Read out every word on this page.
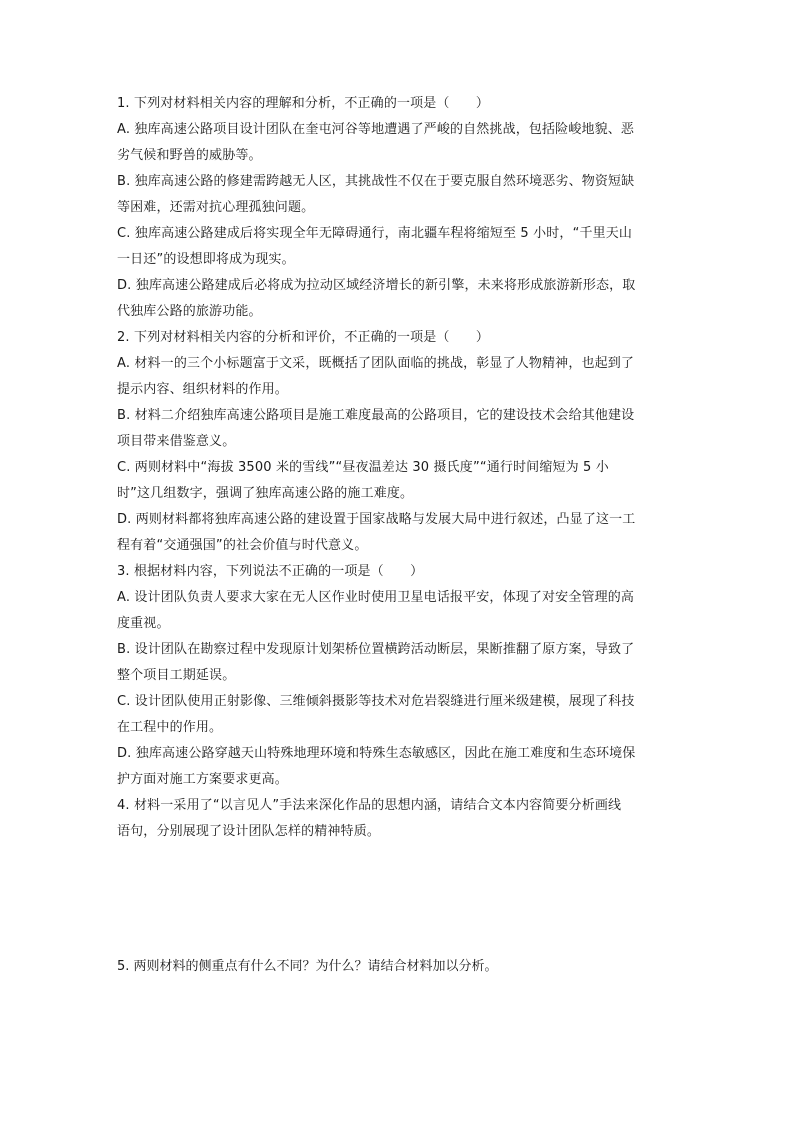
1. 下列对材料相关内容的理解和分析，不正确的一项是（　　）
A. 独库高速公路项目设计团队在奎屯河谷等地遭遇了严峻的自然挑战，包括险峻地貌、恶
劣气候和野兽的威胁等。
B. 独库高速公路的修建需跨越无人区，其挑战性不仅在于要克服自然环境恶劣、物资短缺
等困难，还需对抗心理孤独问题。
C. 独库高速公路建成后将实现全年无障碍通行，南北疆车程将缩短至 5 小时，“千里天山
一日还”的设想即将成为现实。
D. 独库高速公路建成后必将成为拉动区域经济增长的新引擎，未来将形成旅游新形态，取
代独库公路的旅游功能。
2. 下列对材料相关内容的分析和评价，不正确的一项是（　　）
A. 材料一的三个小标题富于文采，既概括了团队面临的挑战，彰显了人物精神，也起到了
提示内容、组织材料的作用。
B. 材料二介绍独库高速公路项目是施工难度最高的公路项目，它的建设技术会给其他建设
项目带来借鉴意义。
C. 两则材料中“海拔 3500 米的雪线”“昼夜温差达 30 摄氏度”“通行时间缩短为 5 小
时”这几组数字，强调了独库高速公路的施工难度。
D. 两则材料都将独库高速公路的建设置于国家战略与发展大局中进行叙述，凸显了这一工
程有着“交通强国”的社会价值与时代意义。
3. 根据材料内容，下列说法不正确的一项是（　　）
A. 设计团队负责人要求大家在无人区作业时使用卫星电话报平安，体现了对安全管理的高
度重视。
B. 设计团队在勘察过程中发现原计划架桥位置横跨活动断层，果断推翻了原方案，导致了
整个项目工期延误。
C. 设计团队使用正射影像、三维倾斜摄影等技术对危岩裂缝进行厘米级建模，展现了科技
在工程中的作用。
D. 独库高速公路穿越天山特殊地理环境和特殊生态敏感区，因此在施工难度和生态环境保
护方面对施工方案要求更高。
4. 材料一采用了“以言见人”手法来深化作品的思想内涵，请结合文本内容简要分析画线
语句，分别展现了设计团队怎样的精神特质。
5. 两则材料的侧重点有什么不同？为什么？请结合材料加以分析。
